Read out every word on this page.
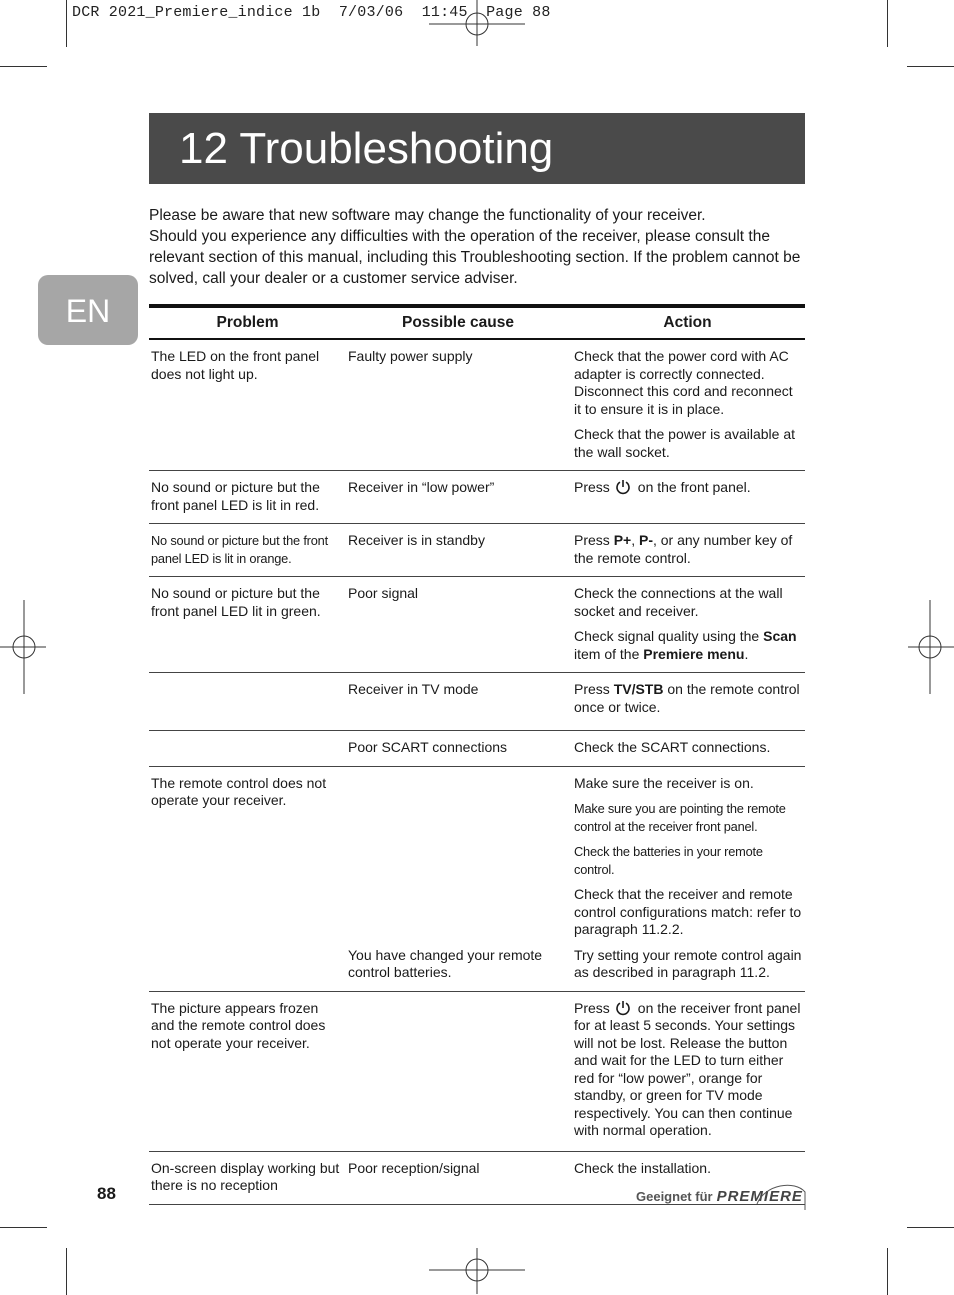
DCR 2021_Premiere_indice 1b 7/03/06 11:45 Page 88
12 Troubleshooting
EN

Please be aware that new software may change the functionality of your receiver.

Should you experience any difficulties with the operation of the receiver, please consult the relevant section of this manual, including this Troubleshooting section. If the problem cannot be solved, call your dealer or a customer service adviser.

Problem	Possible cause	Action
The LED on the front panel does not light up.	Faulty power supply	Check that the power cord with AC adapter is correctly connected. Disconnect this cord and reconnect it to ensure it is in place.
Check that the power is available at the wall socket.

No sound or picture but the front panel LED is lit in red.	Receiver in “low power”	Press on the front panel.
No sound or picture but the front panel LED is lit in orange.	Receiver is in standby	Press P+, P-, or any number key of the remote control.
No sound or picture but the front panel LED lit in green.	Poor signal	Check the connections at the wall socket and receiver.
Check signal quality using the Scan item of the Premiere menu.

	Receiver in TV mode	Press TV/STB on the remote control once or twice.
	Poor SCART connections	Check the SCART connections.
The remote control does not operate your receiver.		Make sure the receiver is on.
Make sure you are pointing the remote control at the receiver front panel.
Check the batteries in your remote control.
Check that the receiver and remote control configurations match: refer to paragraph 11.2.2.

	You have changed your remote control batteries.	Try setting your remote control again as described in paragraph 11.2.
The picture appears frozen and the remote control does not operate your receiver.		Press on the receiver front panel for at least 5 seconds. Your settings will not be lost. Release the button and wait for the LED to turn either red for “low power”, orange for standby, or green for TV mode respectively. You can then continue with normal operation.
On-screen display working but there is no reception	Poor reception/signal	Check the installation.
88	Geeignet für PREMIERE
